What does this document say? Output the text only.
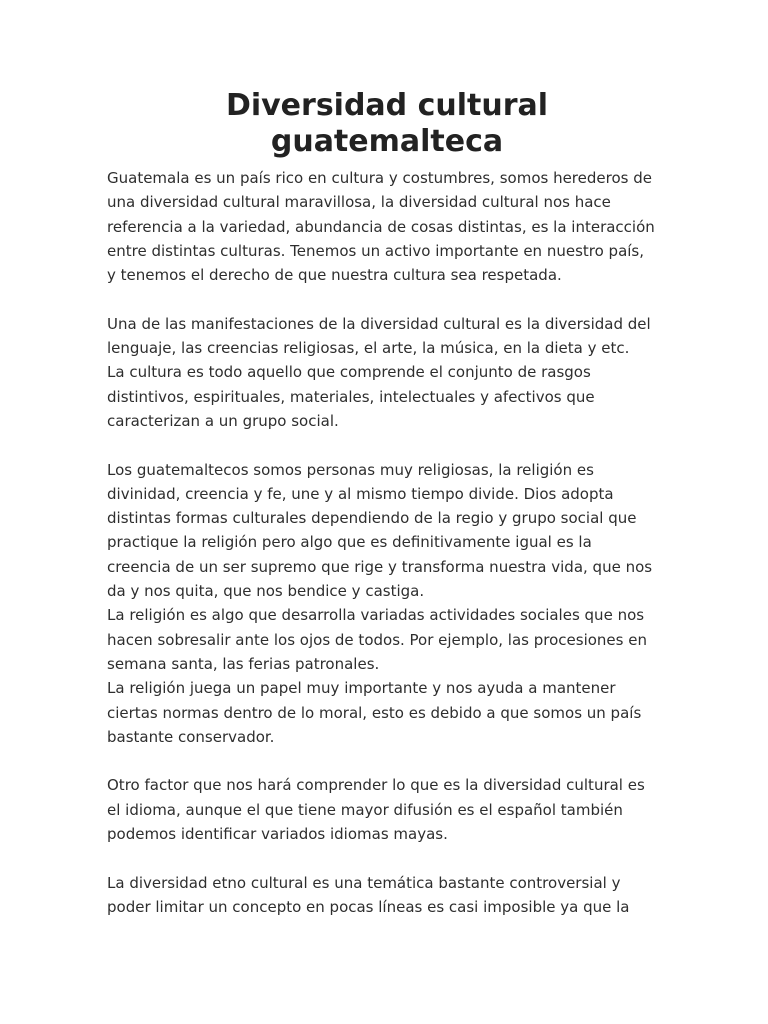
Diversidad cultural
guatemalteca

Guatemala es un país rico en cultura y costumbres, somos herederos de
una diversidad cultural maravillosa, la diversidad cultural nos hace
referencia a la variedad, abundancia de cosas distintas, es la interacción
entre distintas culturas. Tenemos un activo importante en nuestro país,
y tenemos el derecho de que nuestra cultura sea respetada.

Una de las manifestaciones de la diversidad cultural es la diversidad del
lenguaje, las creencias religiosas, el arte, la música, en la dieta y etc.
La cultura es todo aquello que comprende el conjunto de rasgos
distintivos, espirituales, materiales, intelectuales y afectivos que
caracterizan a un grupo social.

Los guatemaltecos somos personas muy religiosas, la religión es
divinidad, creencia y fe, une y al mismo tiempo divide. Dios adopta
distintas formas culturales dependiendo de la regio y grupo social que
practique la religión pero algo que es definitivamente igual es la
creencia de un ser supremo que rige y transforma nuestra vida, que nos
da y nos quita, que nos bendice y castiga.
La religión es algo que desarrolla variadas actividades sociales que nos
hacen sobresalir ante los ojos de todos. Por ejemplo, las procesiones en
semana santa, las ferias patronales.
La religión juega un papel muy importante y nos ayuda a mantener
ciertas normas dentro de lo moral, esto es debido a que somos un país
bastante conservador.

Otro factor que nos hará comprender lo que es la diversidad cultural es
el idioma, aunque el que tiene mayor difusión es el español también
podemos identificar variados idiomas mayas.

La diversidad etno cultural es una temática bastante controversial y
poder limitar un concepto en pocas líneas es casi imposible ya que la
